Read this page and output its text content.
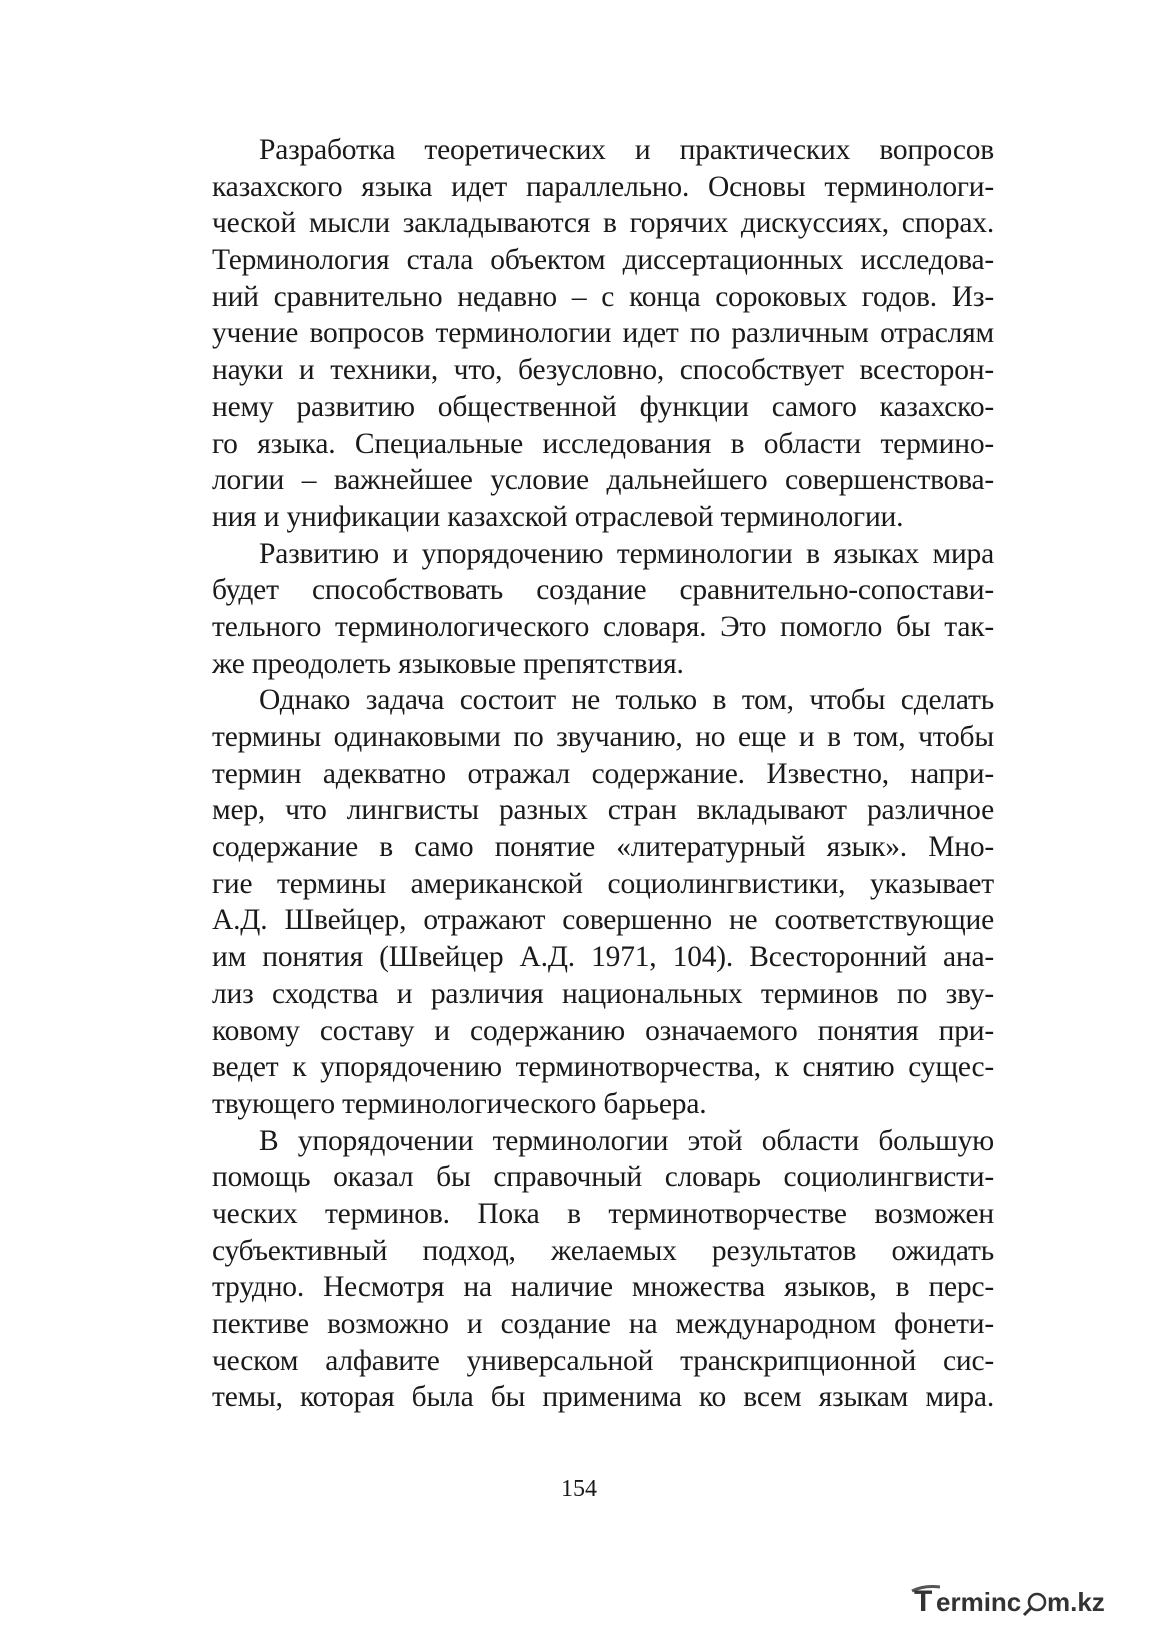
Разработка теоретических и практических вопросов
казахского языка идет параллельно. Основы терминологи-
ческой мысли закладываются в горячих дискуссиях, спорах.
Терминология стала объектом диссертационных исследова-
ний сравнительно недавно – с конца сороковых годов. Из-
учение вопросов терминологии идет по различным отраслям
науки и техники, что, безусловно, способствует всесторон-
нему развитию общественной функции самого казахско-
го языка. Специальные исследования в области термино-
логии – важнейшее условие дальнейшего совершенствова-
ния и унификации казахской отраслевой терминологии.
Развитию и упорядочению терминологии в языках мира
будет способствовать создание сравнительно-сопостави-
тельного терминологического словаря. Это помогло бы так-
же преодолеть языковые препятствия.
Однако задача состоит не только в том, чтобы сделать
термины одинаковыми по звучанию, но еще и в том, чтобы
термин адекватно отражал содержание. Известно, напри-
мер, что лингвисты разных стран вкладывают различное
содержание в само понятие «литературный язык». Мно-
гие термины американской социолингвистики, указывает
А.Д. Швейцер, отражают совершенно не соответствующие
им понятия (Швейцер А.Д. 1971, 104). Всесторонний ана-
лиз сходства и различия национальных терминов по зву-
ковому составу и содержанию означаемого понятия при-
ведет к упорядочению терминотворчества, к снятию сущес-
твующего терминологического барьера.
В упорядочении терминологии этой области большую
помощь оказал бы справочный словарь социолингвисти-
ческих терминов. Пока в терминотворчестве возможен
субъективный подход, желаемых результатов ожидать
трудно. Несмотря на наличие множества языков, в перс-
пективе возможно и создание на международном фонети-
ческом алфавите универсальной транскрипционной сис-
темы, которая была бы применима ко всем языкам мира.
154
T erminc m.kz
